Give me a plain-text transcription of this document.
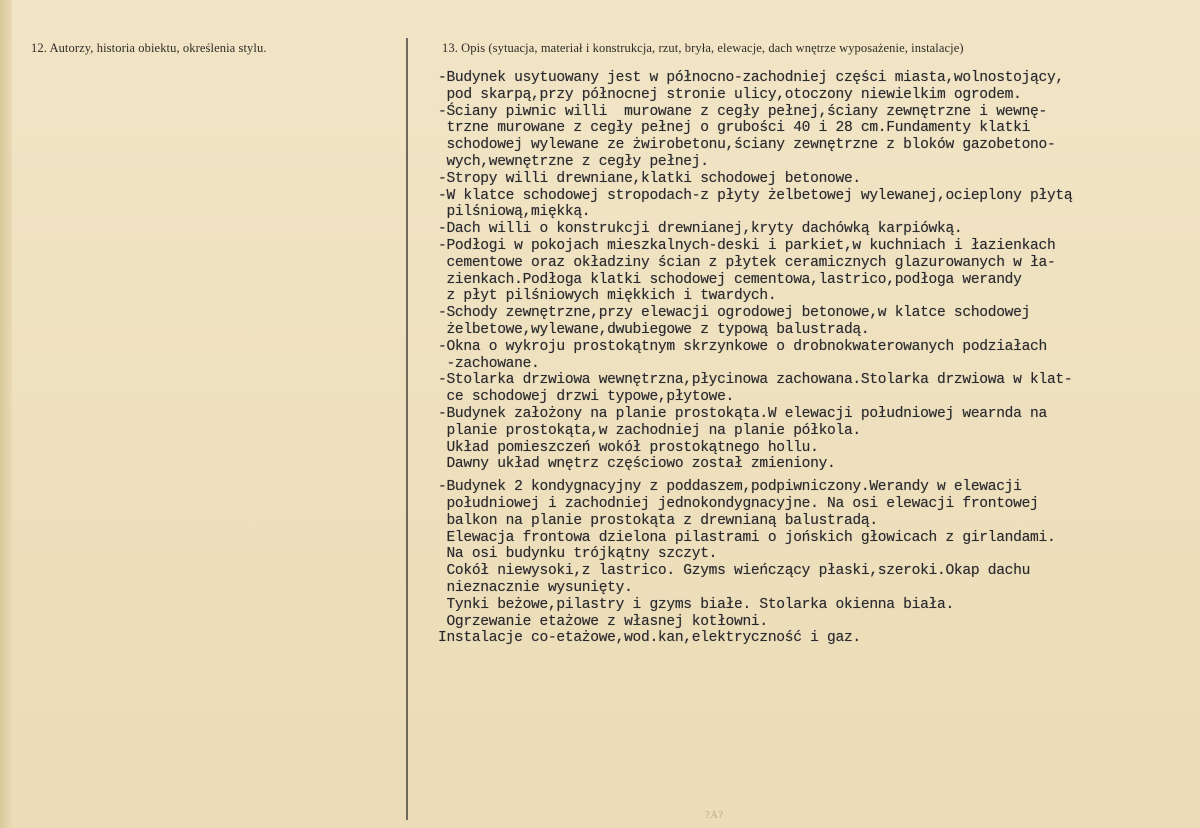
12. Autorzy, historia obiektu, określenia stylu.	13. Opis (sytuacja, materiał i konstrukcja, rzut, bryła, elewacje, dach wnętrze wyposażenie, instalacje)
-Budynek usytuowany jest w północno-zachodniej części miasta,wolnostojący,
pod skarpą,przy północnej stronie ulicy,otoczony niewielkim ogrodem.
-Ściany piwnic willi  murowane z cegły pełnej,ściany zewnętrzne i wewnę-
trzne murowane z cegły pełnej o grubości 40 i 28 cm.Fundamenty klatki
schodowej wylewane ze żwirobetonu,ściany zewnętrzne z bloków gazobetono-
wych,wewnętrzne z cegły pełnej.
-Stropy willi drewniane,klatki schodowej betonowe.
-W klatce schodowej stropodach-z płyty żelbetowej wylewanej,ocieplony płytą
pilśniową,miękką.
-Dach willi o konstrukcji drewnianej,kryty dachówką karpiówką.
-Podłogi w pokojach mieszkalnych-deski i parkiet,w kuchniach i łazienkach
cementowe oraz okładziny ścian z płytek ceramicznych glazurowanych w ła-
zienkach.Podłoga klatki schodowej cementowa,lastrico,podłoga werandy
z płyt pilśniowych miękkich i twardych.
-Schody zewnętrzne,przy elewacji ogrodowej betonowe,w klatce schodowej
żelbetowe,wylewane,dwubiegowe z typową balustradą.
-Okna o wykroju prostokątnym skrzynkowe o drobnokwaterowanych podziałach
-zachowane.
-Stolarka drzwiowa wewnętrzna,płycinowa zachowana.Stolarka drzwiowa w klat-
ce schodowej drzwi typowe,płytowe.
-Budynek założony na planie prostokąta.W elewacji południowej wearnda na
planie prostokąta,w zachodniej na planie półkola.
Układ pomieszczeń wokół prostokątnego hollu.
Dawny układ wnętrz częściowo został zmieniony.
-Budynek 2 kondygnacyjny z poddaszem,podpiwniczony.Werandy w elewacji
południowej i zachodniej jednokondygnacyjne. Na osi elewacji frontowej
balkon na planie prostokąta z drewnianą balustradą.
Elewacja frontowa dzielona pilastrami o jońskich głowicach z girlandami.
Na osi budynku trójkątny szczyt.
Cokół niewysoki,z lastrico. Gzyms wieńczący płaski,szeroki.Okap dachu
nieznacznie wysunięty.
Tynki beżowe,pilastry i gzyms białe. Stolarka okienna biała.
Ogrzewanie etażowe z własnej kotłowni.
Instalacje co-etażowe,wod.kan,elektryczność i gaz.
?A?
